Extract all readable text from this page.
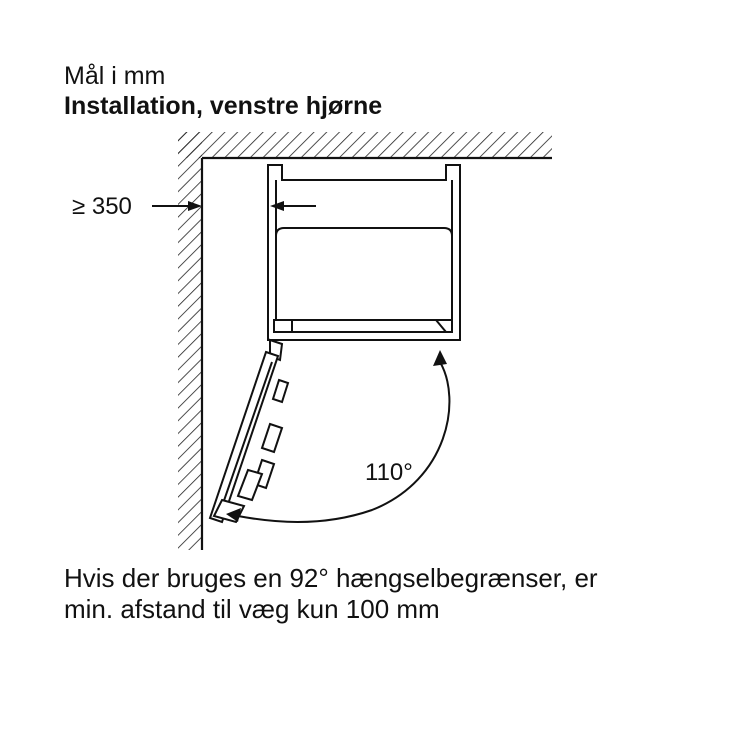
Mål i mm
Installation, venstre hjørne
≥ 350
110°
Hvis der bruges en 92° hængselbegrænser, er
min. afstand til væg kun 100 mm
